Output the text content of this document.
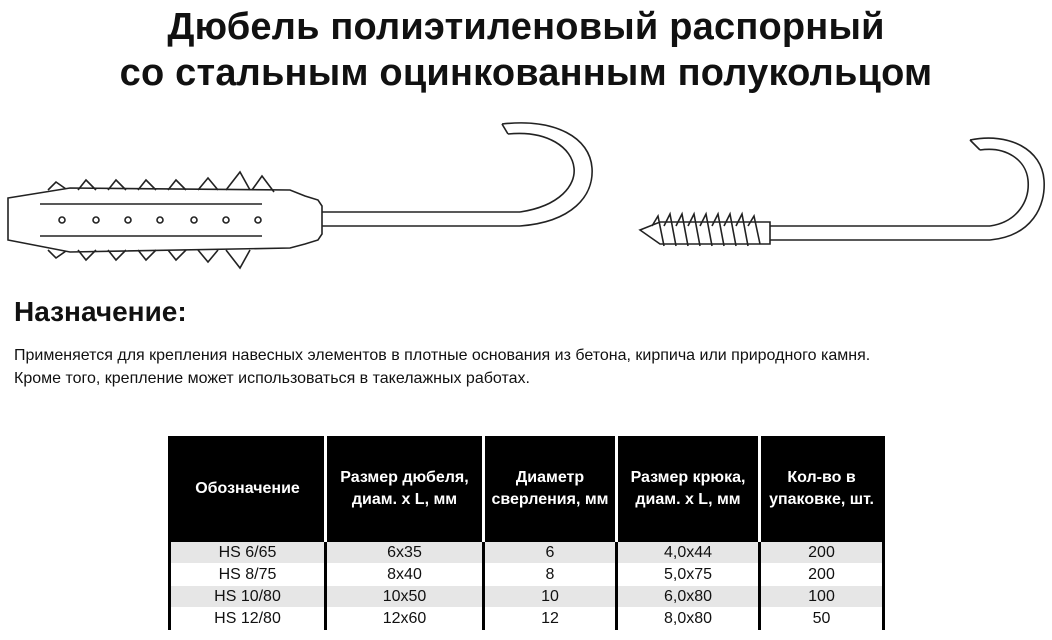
Дюбель полиэтиленовый распорный
со стальным оцинкованным полукольцом
Назначение:
Применяется для крепления навесных элементов в плотные основания из бетона, кирпича или природного камня.
Кроме того, крепление может использоваться в такелажных работах.
Обозначение	Размер дюбеля, диам. x L, мм	Диаметр сверления, мм	Размер крюка, диам. x L, мм	Кол-во в упаковке, шт.
HS 6/65	6x35	6	4,0x44	200
HS 8/75	8x40	8	5,0x75	200
HS 10/80	10x50	10	6,0x80	100
HS 12/80	12x60	12	8,0x80	50
